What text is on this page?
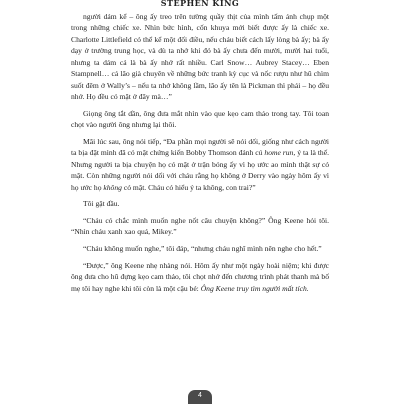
STEPHEN KING

người dám kể – ông ấy treo trên tường quầy thịt của mình tấm ảnh chụp một trong những chiếc xe. Nhìn bức hình, cốn khuya mới biết được ấy là chiếc xe. Charlotte Littlefield có thể kể một đối điều, nếu cháu biết cách lấy lòng bà ấy; bà ấy dạy ở trường trung học, và dù ta nhớ khi đó bà ấy chưa đến mười, mười hai tuổi, nhưng ta dám cá là bà ấy nhớ rất nhiều. Carl Snow… Aubrey Stacey… Eben Stampnell… cả lão già chuyên về những bức tranh kỳ cục và nốc rượu như hũ chìm suốt đêm ở Wally’s – nếu ta nhớ không lầm, lão ấy tên là Pickman thì phải – họ đều nhớ. Họ đều có mặt ở đây mà…”

Giọng ông tắt dần, ông đưa mắt nhìn vào que kẹo cam thảo trong tay. Tôi toan chọt vào người ông nhưng lại thôi.

Mãi lúc sau, ông nói tiếp, “Đa phần mọi người sẽ nói dối, giống như cách người ta bịa đặt mình đã có mặt chứng kiến Bobby Thomson đánh cú home run, ý ta là thế. Nhưng người ta bịa chuyện họ có mặt ở trận bóng ấy vì họ ước ao mình thật sự có mặt. Còn những người nói dối với cháu rằng họ không ở Derry vào ngày hôm ấy vì họ ước họ không có mặt. Cháu có hiểu ý ta không, con trai?”

Tôi gật đầu.

“Cháu có chắc mình muốn nghe nốt câu chuyện không?” Ông Keene hỏi tôi. “Nhìn cháu xanh xao quá, Mikey.”

“Cháu không muốn nghe,” tôi đáp, “nhưng cháu nghĩ mình nên nghe cho hết.”

“Được,” ông Keene nhẹ nhàng nói. Hôm ấy như một ngày hoài niệm; khi được ông đưa cho hũ đựng kẹo cam thảo, tôi chọt nhớ đến chương trình phát thanh mà bố mẹ tôi hay nghe khi tôi còn là một cậu bé: Ông Keene truy tìm người mất tích.

4
